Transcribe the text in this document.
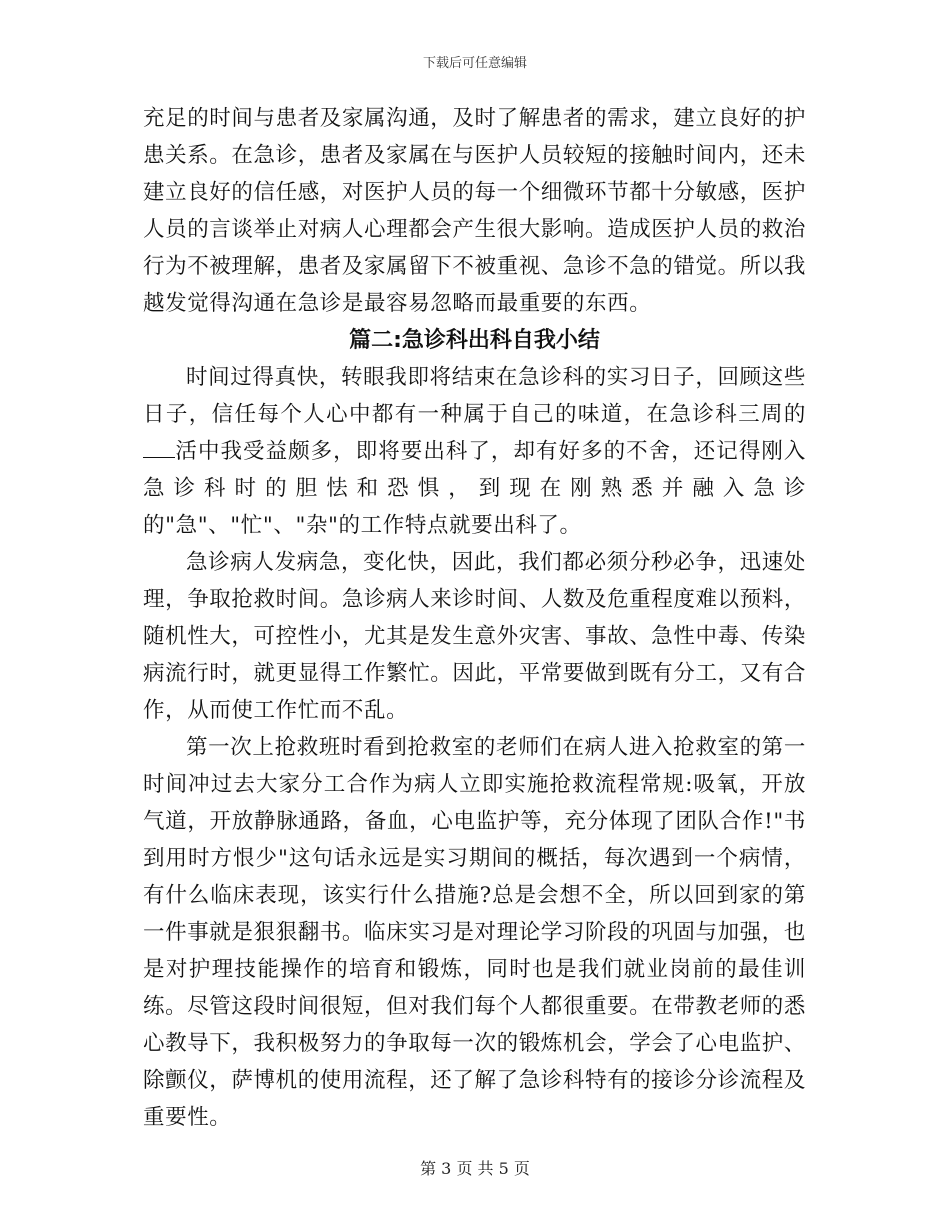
下载后可任意编辑

充足的时间与患者及家属沟通，及时了解患者的需求，建立良好的护患关系。在急诊，患者及家属在与医护人员较短的接触时间内，还未建立良好的信任感，对医护人员的每一个细微环节都十分敏感，医护人员的言谈举止对病人心理都会产生很大影响。造成医护人员的救治行为不被理解，患者及家属留下不被重视、急诊不急的错觉。所以我越发觉得沟通在急诊是最容易忽略而最重要的东西。

篇二:急诊科出科自我小结

时间过得真快，转眼我即将结束在急诊科的实习日子，回顾这些日子，信任每个人心中都有一种属于自己的味道，在急诊科三周的活中我受益颇多，即将要出科了，却有好多的不舍，还记得刚入急诊科时的胆怯和恐惧，到现在刚熟悉并融入急诊的"急"、"忙"、"杂"的工作特点就要出科了。

急诊病人发病急，变化快，因此，我们都必须分秒必争，迅速处理，争取抢救时间。急诊病人来诊时间、人数及危重程度难以预料，随机性大，可控性小，尤其是发生意外灾害、事故、急性中毒、传染病流行时，就更显得工作繁忙。因此，平常要做到既有分工，又有合作，从而使工作忙而不乱。

第一次上抢救班时看到抢救室的老师们在病人进入抢救室的第一时间冲过去大家分工合作为病人立即实施抢救流程常规:吸氧，开放气道，开放静脉通路，备血，心电监护等，充分体现了团队合作!"书到用时方恨少"这句话永远是实习期间的概括，每次遇到一个病情，有什么临床表现，该实行什么措施?总是会想不全，所以回到家的第一件事就是狠狠翻书。临床实习是对理论学习阶段的巩固与加强，也是对护理技能操作的培育和锻炼，同时也是我们就业岗前的最佳训练。尽管这段时间很短，但对我们每个人都很重要。在带教老师的悉心教导下，我积极努力的争取每一次的锻炼机会，学会了心电监护、除颤仪，萨博机的使用流程，还了解了急诊科特有的接诊分诊流程及重要性。

第 3 页 共 5 页
